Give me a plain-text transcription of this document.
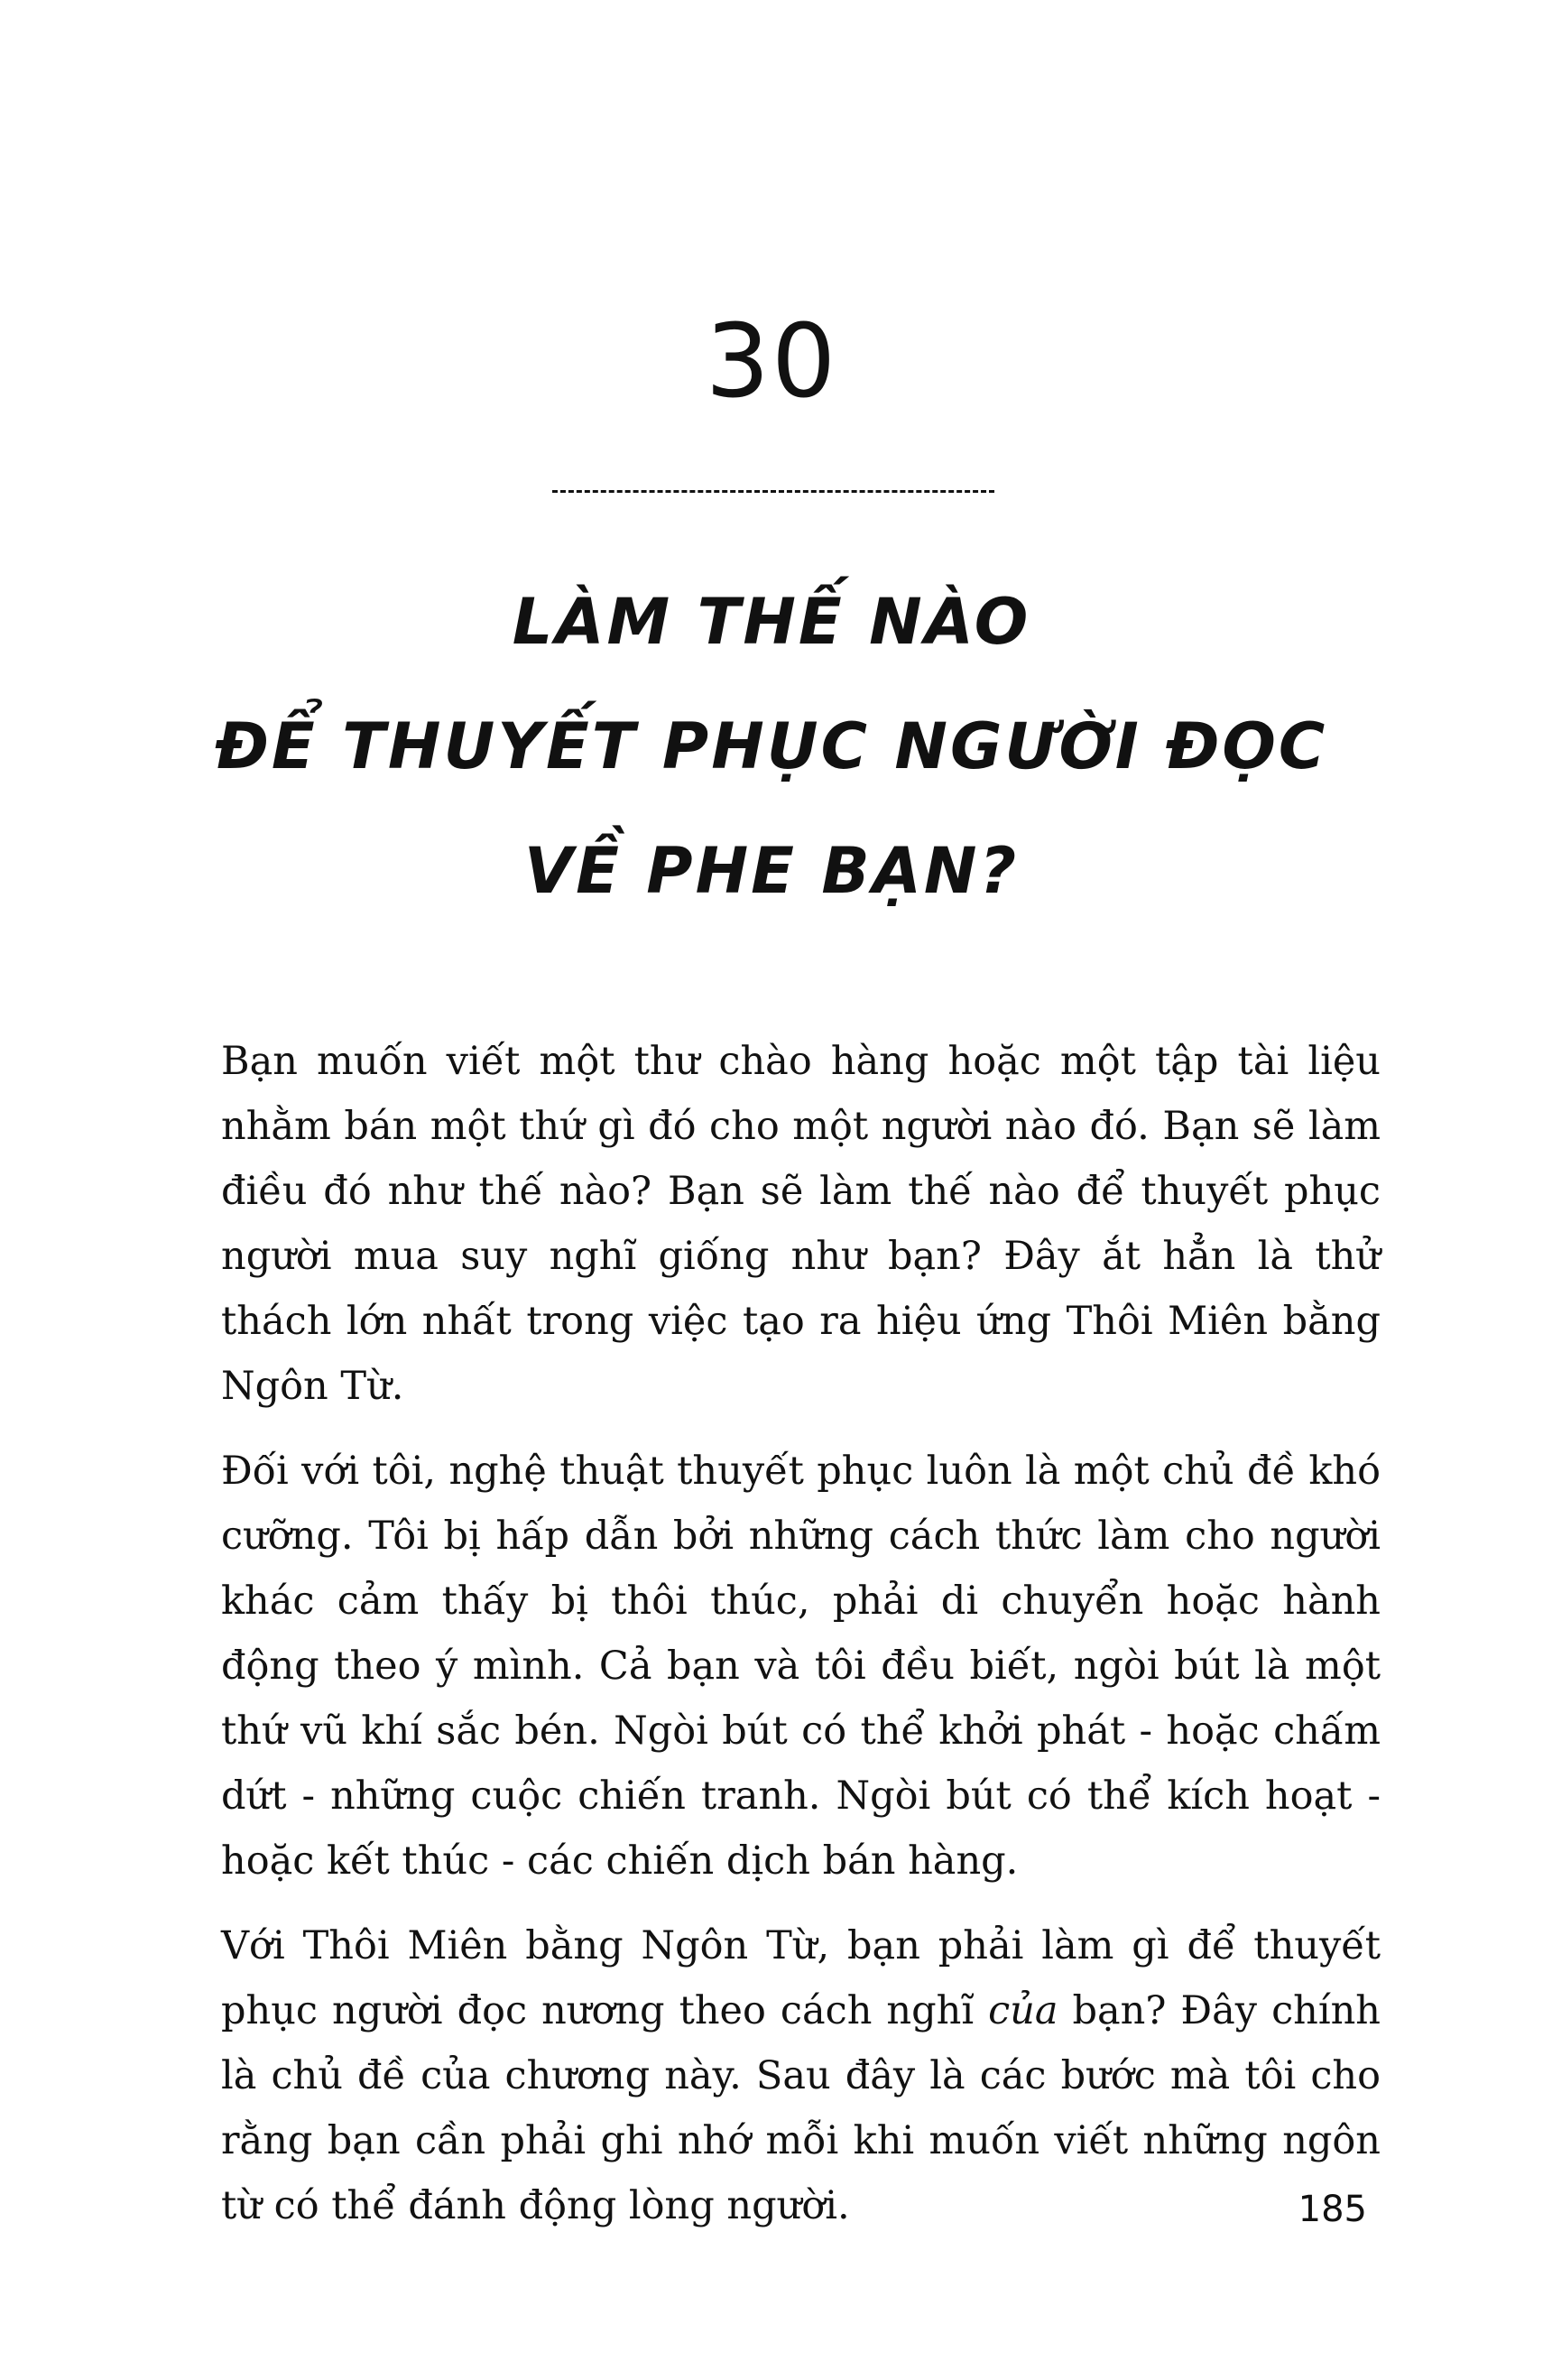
30
LÀM THẾ NÀO
ĐỂ THUYẾT PHỤC NGƯỜI ĐỌC
VỀ PHE BẠN?

Bạn muốn viết một thư chào hàng hoặc một tập tài liệu nhằm bán một thứ gì đó cho một người nào đó. Bạn sẽ làm điều đó như thế nào? Bạn sẽ làm thế nào để thuyết phục người mua suy nghĩ giống như bạn? Đây ắt hẳn là thử thách lớn nhất trong việc tạo ra hiệu ứng Thôi Miên bằng Ngôn Từ.

Đối với tôi, nghệ thuật thuyết phục luôn là một chủ đề khó cưỡng. Tôi bị hấp dẫn bởi những cách thức làm cho người khác cảm thấy bị thôi thúc, phải di chuyển hoặc hành động theo ý mình. Cả bạn và tôi đều biết, ngòi bút là một thứ vũ khí sắc bén. Ngòi bút có thể khởi phát - hoặc chấm dứt - những cuộc chiến tranh. Ngòi bút có thể kích hoạt - hoặc kết thúc - các chiến dịch bán hàng.

Với Thôi Miên bằng Ngôn Từ, bạn phải làm gì để thuyết phục người đọc nương theo cách nghĩ của bạn? Đây chính là chủ đề của chương này. Sau đây là các bước mà tôi cho rằng bạn cần phải ghi nhớ mỗi khi muốn viết những ngôn từ có thể đánh động lòng người.	185
